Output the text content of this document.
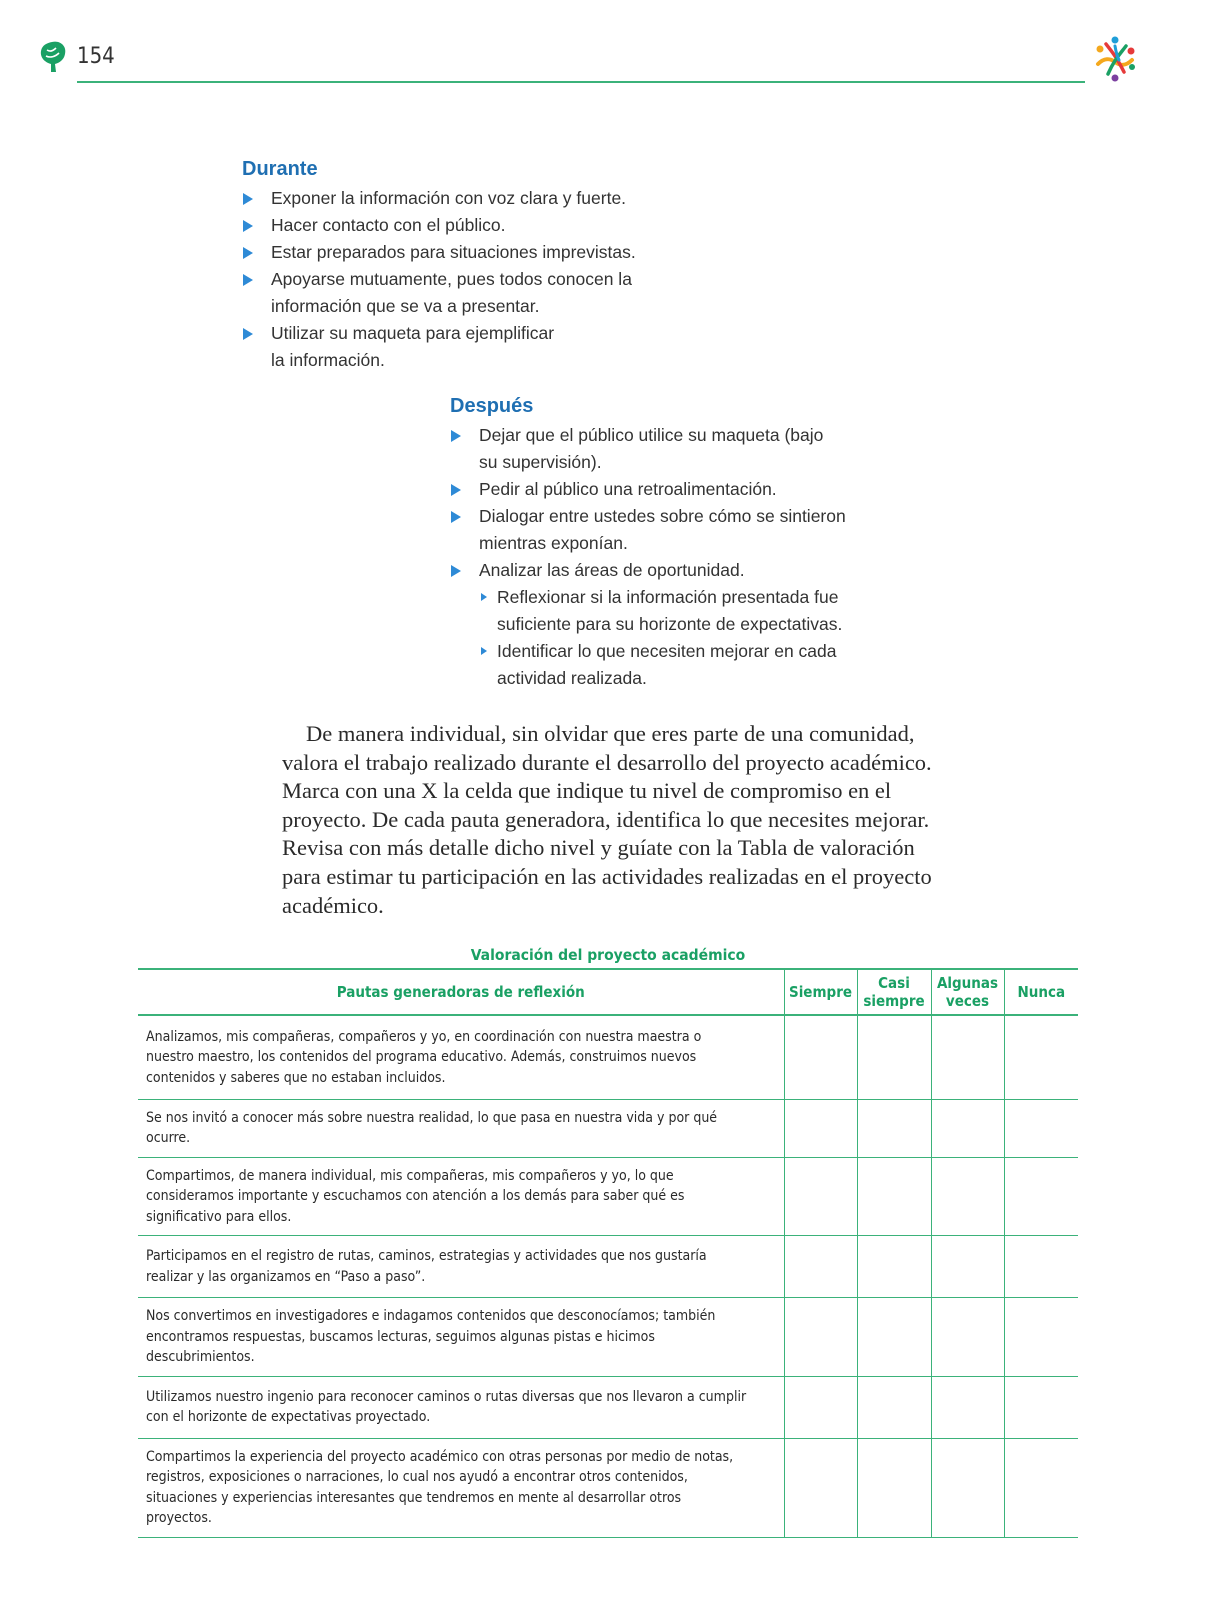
154
Durante
Exponer la información con voz clara y fuerte.
Hacer contacto con el público.
Estar preparados para situaciones imprevistas.
Apoyarse mutuamente, pues todos conocen la información que se va a presentar.
Utilizar su maqueta para ejemplificar la información.
Después
Dejar que el público utilice su maqueta (bajo su supervisión).
Pedir al público una retroalimentación.
Dialogar entre ustedes sobre cómo se sintieron mientras exponían.
Analizar las áreas de oportunidad.
Reflexionar si la información presentada fue suficiente para su horizonte de expectativas.
Identificar lo que necesiten mejorar en cada actividad realizada.

De manera individual, sin olvidar que eres parte de una comunidad, valora el trabajo realizado durante el desarrollo del proyecto académico. Marca con una X la celda que indique tu nivel de compromiso en el proyecto. De cada pauta generadora, identifica lo que necesites mejorar. Revisa con más detalle dicho nivel y guíate con la Tabla de valoración para estimar tu participación en las actividades realizadas en el proyecto académico.

Valoración del proyecto académico
Pautas generadoras de reflexión	Siempre	Casi siempre	Algunas veces	Nunca
Analizamos, mis compañeras, compañeros y yo, en coordinación con nuestra maestra o nuestro maestro, los contenidos del programa educativo. Además, construimos nuevos contenidos y saberes que no estaban incluidos.				
Se nos invitó a conocer más sobre nuestra realidad, lo que pasa en nuestra vida y por qué ocurre.				
Compartimos, de manera individual, mis compañeras, mis compañeros y yo, lo que consideramos importante y escuchamos con atención a los demás para saber qué es significativo para ellos.				
Participamos en el registro de rutas, caminos, estrategias y actividades que nos gustaría realizar y las organizamos en “Paso a paso”.				
Nos convertimos en investigadores e indagamos contenidos que desconocíamos; también encontramos respuestas, buscamos lecturas, seguimos algunas pistas e hicimos descubrimientos.				
Utilizamos nuestro ingenio para reconocer caminos o rutas diversas que nos llevaron a cumplir con el horizonte de expectativas proyectado.				
Compartimos la experiencia del proyecto académico con otras personas por medio de notas, registros, exposiciones o narraciones, lo cual nos ayudó a encontrar otros contenidos, situaciones y experiencias interesantes que tendremos en mente al desarrollar otros proyectos.				
